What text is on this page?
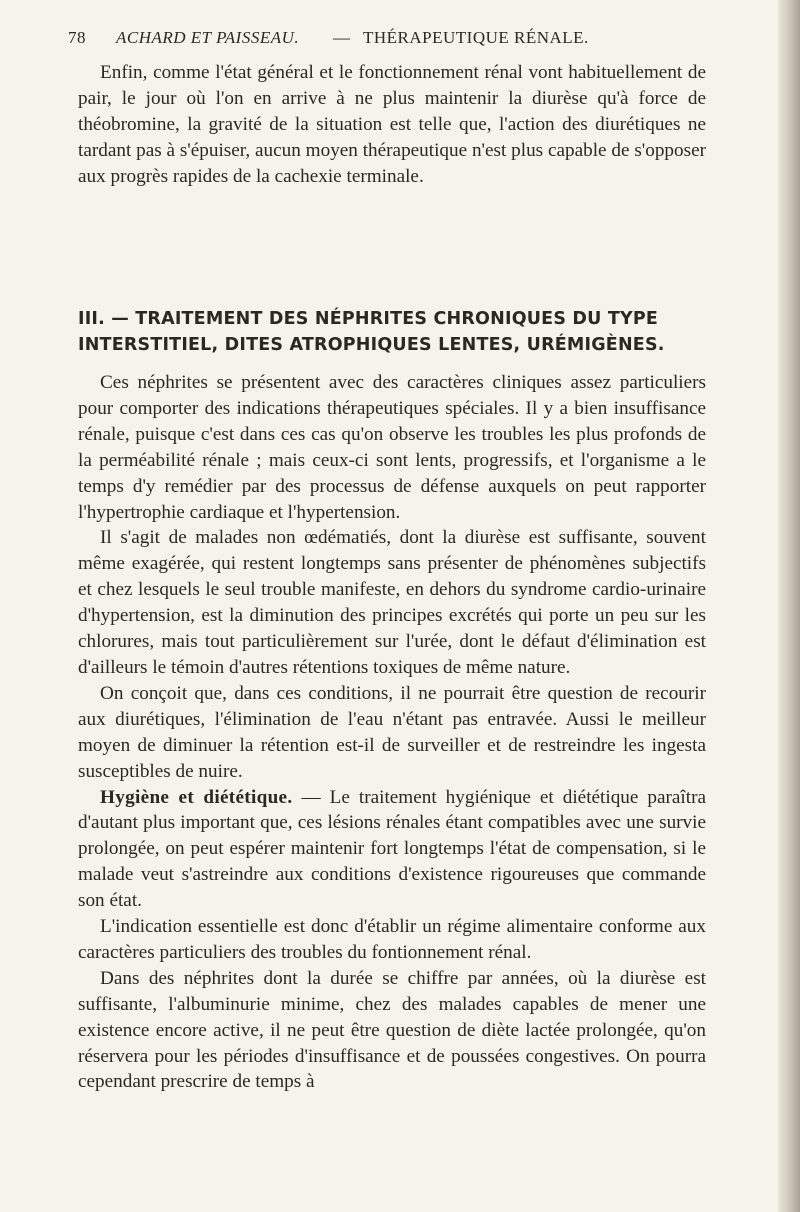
78 ACHARD ET PAISSEAU. — THÉRAPEUTIQUE RÉNALE.

Enfin, comme l'état général et le fonctionnement rénal vont habituellement de pair, le jour où l'on en arrive à ne plus maintenir la diurèse qu'à force de théobromine, la gravité de la situation est telle que, l'action des diurétiques ne tardant pas à s'épuiser, aucun moyen thérapeutique n'est plus capable de s'opposer aux progrès rapides de la cachexie terminale.

III. — TRAITEMENT DES NÉPHRITES CHRONIQUES DU TYPE
INTERSTITIEL, DITES ATROPHIQUES LENTES, URÉMIGÈNES.

Ces néphrites se présentent avec des caractères cliniques assez particuliers pour comporter des indications thérapeutiques spéciales. Il y a bien insuffisance rénale, puisque c'est dans ces cas qu'on observe les troubles les plus profonds de la perméabilité rénale ; mais ceux-ci sont lents, progressifs, et l'organisme a le temps d'y remédier par des processus de défense auxquels on peut rapporter l'hypertrophie cardiaque et l'hypertension.

Il s'agit de malades non œdématiés, dont la diurèse est suffisante, souvent même exagérée, qui restent longtemps sans présenter de phénomènes subjectifs et chez lesquels le seul trouble manifeste, en dehors du syndrome cardio-urinaire d'hypertension, est la diminution des principes excrétés qui porte un peu sur les chlorures, mais tout particulièrement sur l'urée, dont le défaut d'élimination est d'ailleurs le témoin d'autres rétentions toxiques de même nature.

On conçoit que, dans ces conditions, il ne pourrait être question de recourir aux diurétiques, l'élimination de l'eau n'étant pas entravée. Aussi le meilleur moyen de diminuer la rétention est-il de surveiller et de restreindre les ingesta susceptibles de nuire.

Hygiène et diététique. — Le traitement hygiénique et diététique paraîtra d'autant plus important que, ces lésions rénales étant compatibles avec une survie prolongée, on peut espérer maintenir fort longtemps l'état de compensation, si le malade veut s'astreindre aux conditions d'existence rigoureuses que commande son état.

L'indication essentielle est donc d'établir un régime alimentaire conforme aux caractères particuliers des troubles du fontionnement rénal.

Dans des néphrites dont la durée se chiffre par années, où la diurèse est suffisante, l'albuminurie minime, chez des malades capables de mener une existence encore active, il ne peut être question de diète lactée prolongée, qu'on réservera pour les périodes d'insuffisance et de poussées congestives. On pourra cependant prescrire de temps à
